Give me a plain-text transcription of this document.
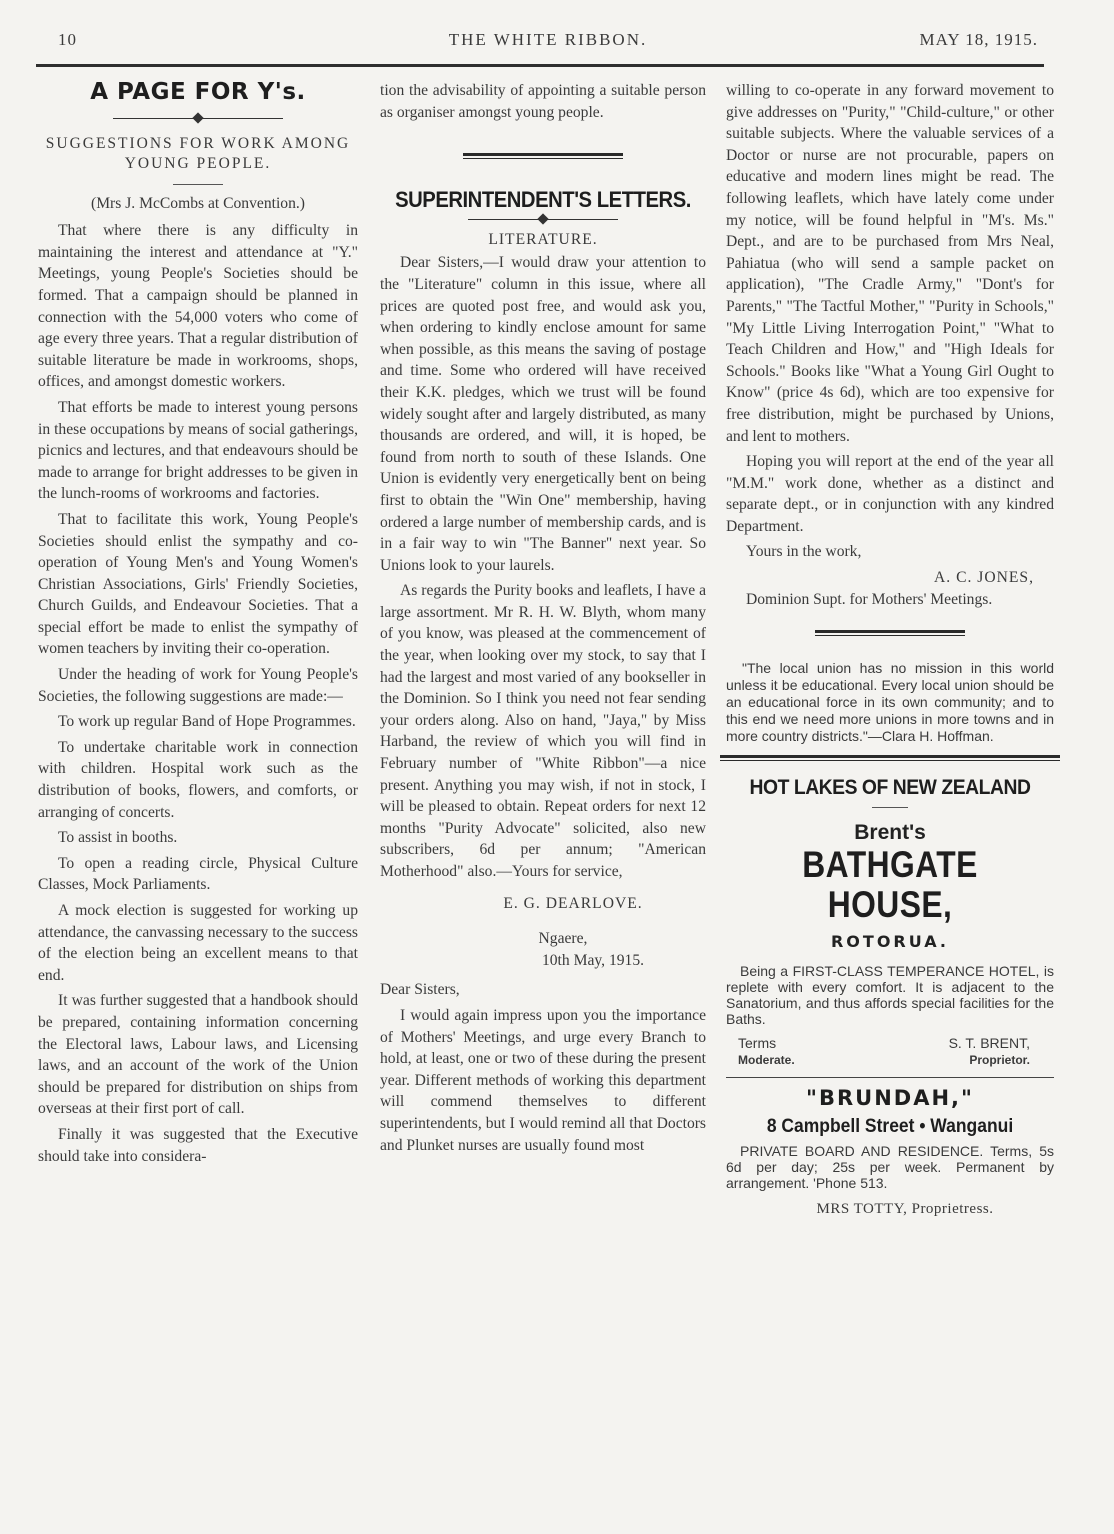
10	THE WHITE RIBBON.	MAY 18, 1915.
A PAGE FOR Y's.
SUGGESTIONS FOR WORK AMONG YOUNG PEOPLE.
(Mrs J. McCombs at Convention.)

That where there is any difficulty in maintaining the interest and attendance at "Y." Meetings, young People's Societies should be formed. That a campaign should be planned in connection with the 54,000 voters who come of age every three years. That a regular distribution of suitable literature be made in workrooms, shops, offices, and amongst domestic workers.

That efforts be made to interest young persons in these occupations by means of social gatherings, picnics and lectures, and that endeavours should be made to arrange for bright addresses to be given in the lunch-rooms of workrooms and factories.

That to facilitate this work, Young People's Societies should enlist the sympathy and co-operation of Young Men's and Young Women's Christian Associations, Girls' Friendly Societies, Church Guilds, and Endeavour Societies. That a special effort be made to enlist the sympathy of women teachers by inviting their co-operation.

Under the heading of work for Young People's Societies, the following suggestions are made:—

To work up regular Band of Hope Programmes.

To undertake charitable work in connection with children. Hospital work such as the distribution of books, flowers, and comforts, or arranging of concerts.

To assist in booths.

To open a reading circle, Physical Culture Classes, Mock Parliaments.

A mock election is suggested for working up attendance, the canvassing necessary to the success of the election being an excellent means to that end.

It was further suggested that a handbook should be prepared, containing information concerning the Electoral laws, Labour laws, and Licensing laws, and an account of the work of the Union should be prepared for distribution on ships from overseas at their first port of call.

Finally it was suggested that the Executive should take into considera-

tion the advisability of appointing a suitable person as organiser amongst young people.

SUPERINTENDENT'S LETTERS.
LITERATURE.

Dear Sisters,—I would draw your attention to the "Literature" column in this issue, where all prices are quoted post free, and would ask you, when ordering to kindly enclose amount for same when possible, as this means the saving of postage and time. Some who ordered will have received their K.K. pledges, which we trust will be found widely sought after and largely distributed, as many thousands are ordered, and will, it is hoped, be found from north to south of these Islands. One Union is evidently very energetically bent on being first to obtain the "Win One" membership, having ordered a large number of membership cards, and is in a fair way to win "The Banner" next year. So Unions look to your laurels.

As regards the Purity books and leaflets, I have a large assortment. Mr R. H. W. Blyth, whom many of you know, was pleased at the commencement of the year, when looking over my stock, to say that I had the largest and most varied of any bookseller in the Dominion. So I think you need not fear sending your orders along. Also on hand, "Jaya," by Miss Harband, the review of which you will find in February number of "White Ribbon"—a nice present. Anything you may wish, if not in stock, I will be pleased to obtain. Repeat orders for next 12 months "Purity Advocate" solicited, also new subscribers, 6d per annum; "American Motherhood" also.—Yours for service,

E. G. DEARLOVE.
Ngaere,
10th May, 1915.

Dear Sisters,

I would again impress upon you the importance of Mothers' Meetings, and urge every Branch to hold, at least, one or two of these during the present year. Different methods of working this department will commend themselves to different superintendents, but I would remind all that Doctors and Plunket nurses are usually found most

willing to co-operate in any forward movement to give addresses on "Purity," "Child-culture," or other suitable subjects. Where the valuable services of a Doctor or nurse are not procurable, papers on educative and modern lines might be read. The following leaflets, which have lately come under my notice, will be found helpful in "M's. Ms." Dept., and are to be purchased from Mrs Neal, Pahiatua (who will send a sample packet on application), "The Cradle Army," "Dont's for Parents," "The Tactful Mother," "Purity in Schools," "My Little Living Interrogation Point," "What to Teach Children and How," and "High Ideals for Schools." Books like "What a Young Girl Ought to Know" (price 4s 6d), which are too expensive for free distribution, might be purchased by Unions, and lent to mothers.

Hoping you will report at the end of the year all "M.M." work done, whether as a distinct and separate dept., or in conjunction with any kindred Department.

Yours in the work,

A. C. JONES,

Dominion Supt. for Mothers' Meetings.

"The local union has no mission in this world unless it be educational. Every local union should be an educational force in its own community; and to this end we need more unions in more towns and in more country districts."—Clara H. Hoffman.

HOT LAKES OF NEW ZEALAND
Brent's
BATHGATE HOUSE,
ROTORUA.

Being a FIRST-CLASS TEMPERANCE HOTEL, is replete with every comfort. It is adjacent to the Sanatorium, and thus affords special facilities for the Baths.

Terms
Moderate.
S. T. BRENT,
Proprietor.
"BRUNDAH,"
8 Campbell Street • Wanganui

PRIVATE BOARD AND RESIDENCE. Terms, 5s 6d per day; 25s per week. Permanent by arrangement. 'Phone 513.

MRS TOTTY, Proprietress.
